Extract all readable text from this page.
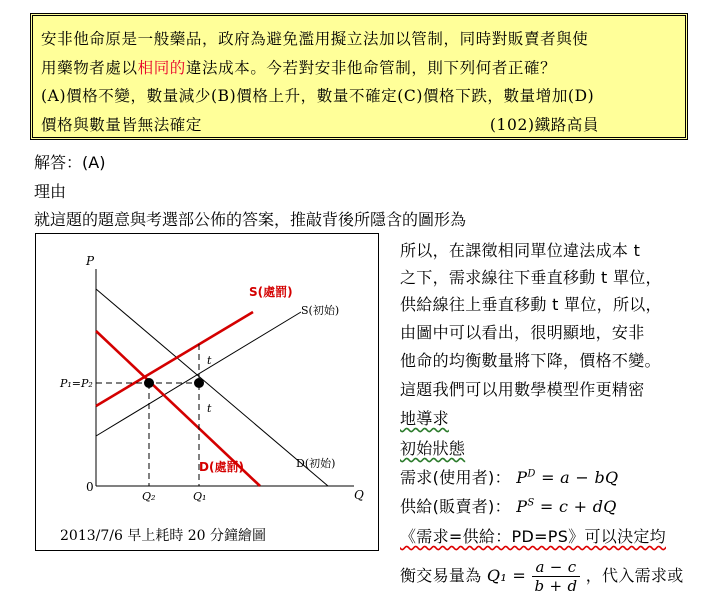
安非他命原是一般藥品，政府為避免濫用擬立法加以管制，同時對販賣者與使
用藥物者處以相同的違法成本。今若對安非他命管制，則下列何者正確？
(A)價格不變，數量減少(B)價格上升，數量不確定(C)價格下跌，數量增加(D)
價格與數量皆無法確定	(102)鐵路高員
解答：(A)
理由
就這題的題意與考選部公佈的答案，推敲背後所隱含的圖形為
P
Q
0
P₁=P₂
Q₂	Q₁
S(處罰)
S(初始)
D(處罰)	D(初始)
t
t
2013/7/6 早上耗時 20 分鐘繪圖
所以，在課徵相同單位違法成本 t
之下，需求線往下垂直移動 t 單位，
供給線往上垂直移動 t 單位，所以，
由圖中可以看出，很明顯地，安非
他命的均衡數量將下降，價格不變。
這題我們可以用數學模型作更精密
地導求
初始狀態
需求(使用者)： $P^D = a$ − bQ
供給(販賣者)： $P^S = c$ + dQ
《需求=供給：PD=PS》可以決定均
衡交易量為 $Q_1 = \frac{a - c}{b + d}$ ，代入需求或
